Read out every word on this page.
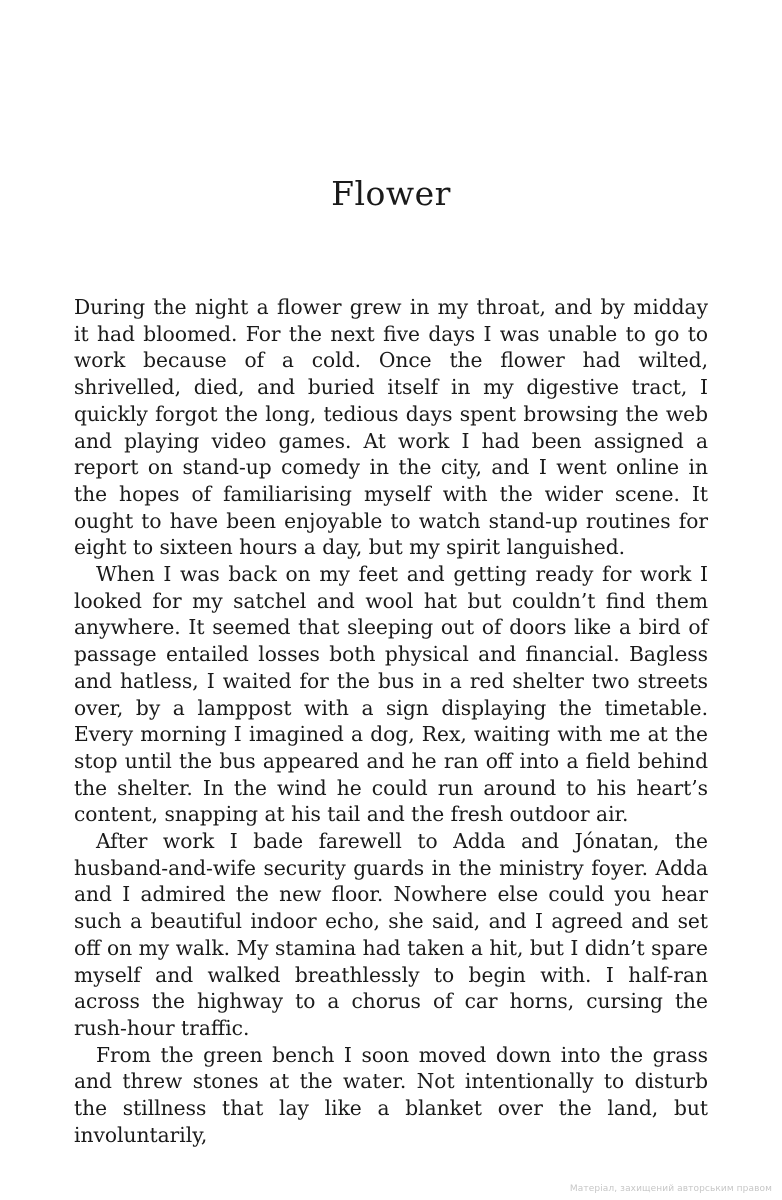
Flower

During the night a flower grew in my throat, and by midday it had bloomed. For the next five days I was unable to go to work because of a cold. Once the flower had wilted, shrivelled, died, and buried itself in my digestive tract, I quickly forgot the long, tedious days spent browsing the web and playing video games. At work I had been assigned a report on stand-up comedy in the city, and I went online in the hopes of familiarising myself with the wider scene. It ought to have been enjoyable to watch stand-up routines for eight to sixteen hours a day, but my spirit languished.

When I was back on my feet and getting ready for work I looked for my satchel and wool hat but couldn’t find them anywhere. It seemed that sleeping out of doors like a bird of passage entailed losses both physical and financial. Bagless and hatless, I waited for the bus in a red shelter two streets over, by a lamppost with a sign displaying the timetable. Every morning I imagined a dog, Rex, waiting with me at the stop until the bus appeared and he ran off into a field behind the shelter. In the wind he could run around to his heart’s content, snapping at his tail and the fresh outdoor air.

After work I bade farewell to Adda and Jónatan, the husband-and-wife security guards in the ministry foyer. Adda and I admired the new floor. Nowhere else could you hear such a beautiful indoor echo, she said, and I agreed and set off on my walk. My stamina had taken a hit, but I didn’t spare myself and walked breathlessly to begin with. I half-ran across the highway to a chorus of car horns, cursing the rush-hour traffic.

From the green bench I soon moved down into the grass and threw stones at the water. Not intentionally to disturb the stillness that lay like a blanket over the land, but involuntarily,

Матеріал, захищений авторським правом
